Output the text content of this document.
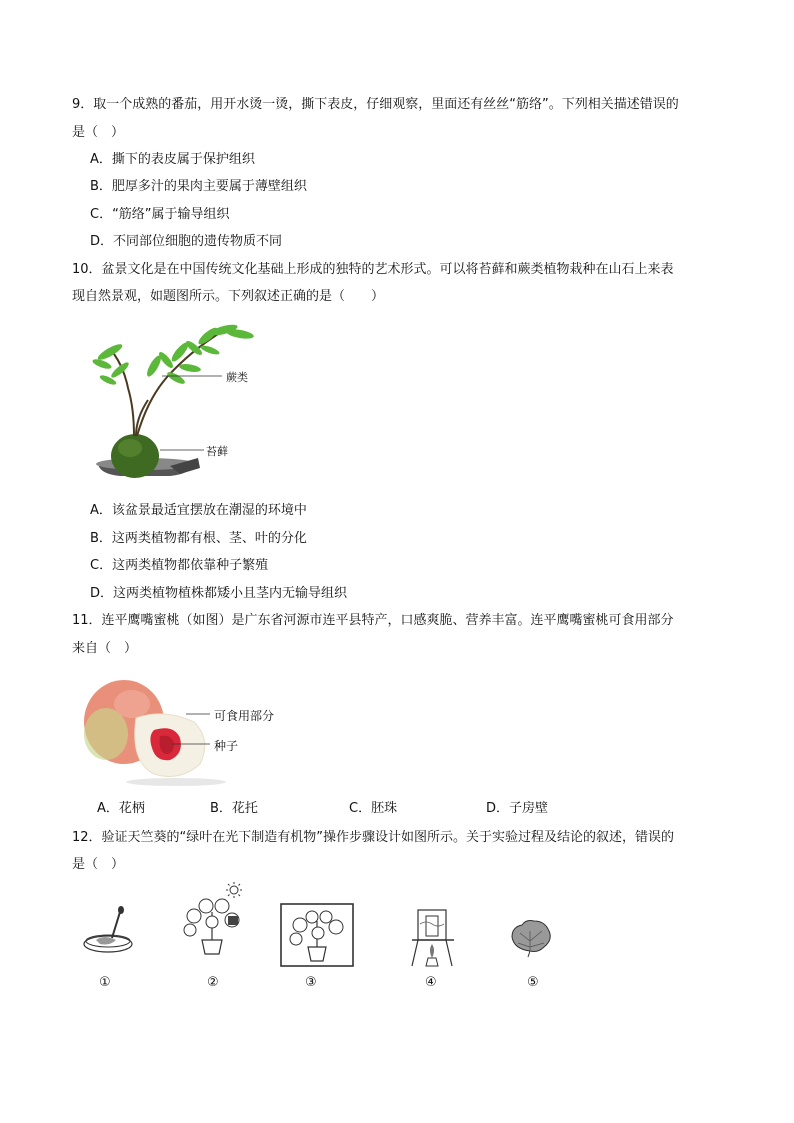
9．取一个成熟的番茄，用开水烫一烫，撕下表皮，仔细观察，里面还有丝丝“筋络”。下列相关描述错误的
是（　）
A．撕下的表皮属于保护组织
B．肥厚多汁的果肉主要属于薄壁组织
C．“筋络”属于输导组织
D．不同部位细胞的遗传物质不同
10．盆景文化是在中国传统文化基础上形成的独特的艺术形式。可以将苔藓和蕨类植物栽种在山石上来表
现自然景观，如题图所示。下列叙述正确的是（　　）
蕨类
苔藓
A．该盆景最适宜摆放在潮湿的环境中
B．这两类植物都有根、茎、叶的分化
C．这两类植物都依靠种子繁殖
D．这两类植物植株都矮小且茎内无输导组织
11．连平鹰嘴蜜桃（如图）是广东省河源市连平县特产，口感爽脆、营养丰富。连平鹰嘴蜜桃可食用部分
来自（　）
可食用部分
种子
A．花柄	B．花托	C．胚珠	D．子房壁
12．验证天竺葵的“绿叶在光下制造有机物”操作步骤设计如图所示。关于实验过程及结论的叙述，错误的
是（　）
①	②	③	④	⑤
